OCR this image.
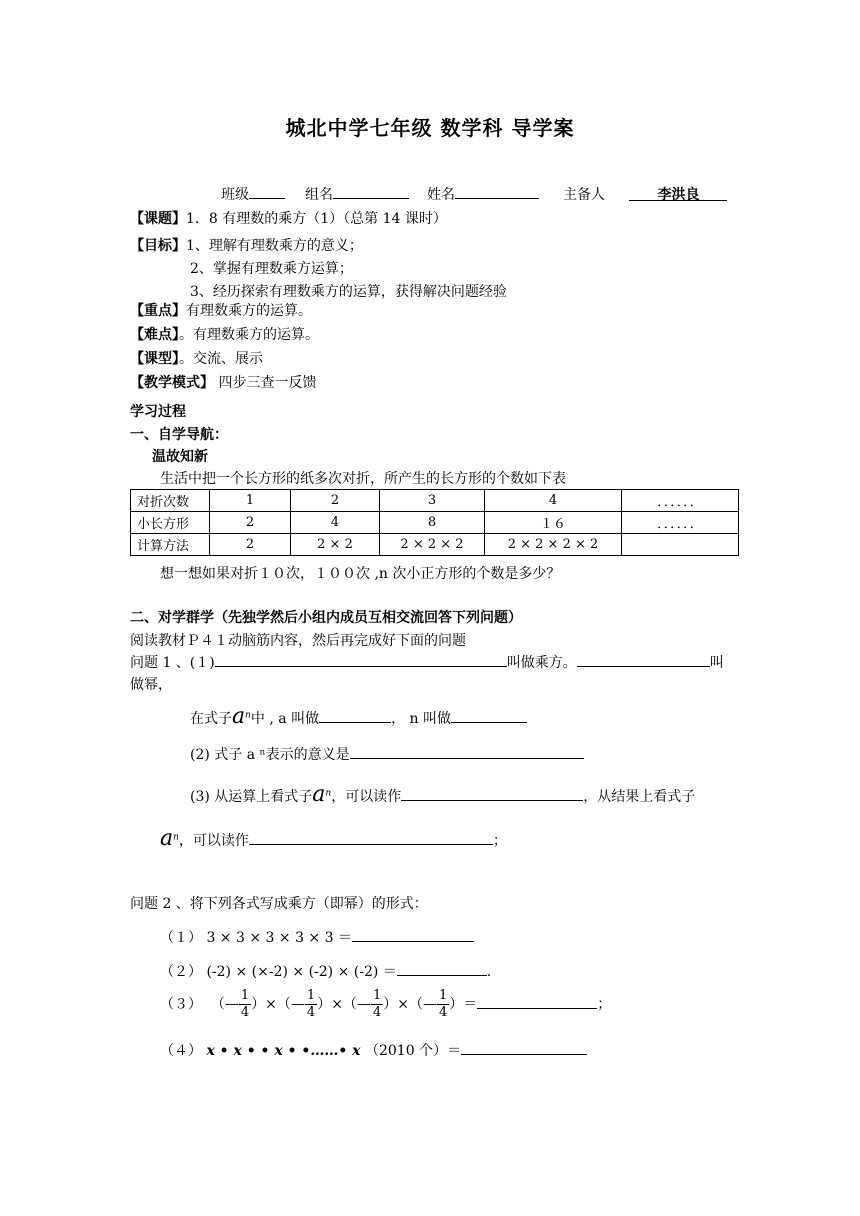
城北中学七年级 数学科 导学案
班级	组名	姓名	主备人	李洪良
【课题】1．8 有理数的乘方（1）（总第 14 课时）
【目标】1、理解有理数乘方的意义；
2、掌握有理数乘方运算；
3、经历探索有理数乘方的运算，获得解决问题经验
【重点】有理数乘方的运算。
【难点】。有理数乘方的运算。
【课型】。交流、展示
【教学模式】 四步三查一反馈
学习过程
一、自学导航：
温故知新
生活中把一个长方形的纸多次对折，所产生的长方形的个数如下表
对折次数	1	2	3	4	．．．．．．
小长方形	2	4	8	１６	．．．．．．
计算方法	2	2 × 2	2 × 2 × 2	2 × 2 × 2 × 2	
想一想如果对折１０次，１００次 ,n 次小正方形的个数是多少？
二、对学群学（先独学然后小组内成员互相交流回答下列问题）
阅读教材Ｐ４１动脑筋内容，然后再完成好下面的问题
问题 1 、(１)	叫做乘方。	叫
做幂，
在式子$a^n$中 , a 叫做	， n 叫做
(2) 式子 a ⁿ表示的意义是
(3) 从运算上看式子$a^n$，可以读作	，从结果上看式子
$a^n$，可以读作	；
问题 2 、将下列各式写成乘方（即幂）的形式：
（１） 3 × 3 × 3 × 3 × 3 ＝
（２） (-2) × (×-2) × (-2) × (-2) ＝	.
（３）  （— $\frac{1}{4}$ ）×（— $\frac{1}{4}$ ）×（— $\frac{1}{4}$ ）×（— $\frac{1}{4}$ ）＝	；
（４） x • x • • x • •……• x （2010 个）＝
